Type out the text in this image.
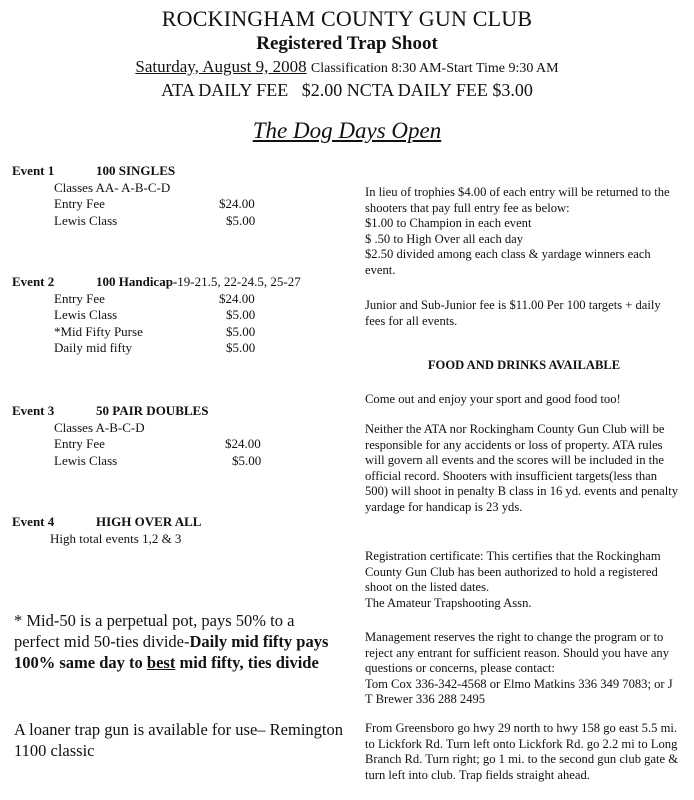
ROCKINGHAM COUNTY GUN CLUB
Registered Trap Shoot
Saturday, August 9, 2008 Classification 8:30 AM-Start Time 9:30 AM
ATA DAILY FEE   $2.00 NCTA DAILY FEE $3.00
The Dog Days Open
Event 1	100 SINGLES
Classes AA- A-B-C-D
Entry Fee	$24.00
Lewis Class	$5.00
Event 2	100 Handicap-19-21.5, 22-24.5, 25-27
Entry Fee	$24.00
Lewis Class	$5.00
*Mid Fifty Purse	$5.00
Daily mid fifty	$5.00
Event 3	50 PAIR DOUBLES
Classes A-B-C-D
Entry Fee	$24.00
Lewis Class	$5.00
Event 4	HIGH OVER ALL
High total events 1,2 & 3
* Mid-50 is a perpetual pot, pays 50% to a perfect mid 50-ties divide-Daily mid fifty pays 100% same day to best mid fifty, ties divide
A loaner trap gun is available for use– Remington 1100 classic
In lieu of trophies $4.00 of each entry will be returned to the shooters that pay full entry fee as below:
$1.00 to Champion in each event
$ .50 to High Over all each day
$2.50 divided among each class & yardage winners each event.
Junior and Sub-Junior fee is $11.00 Per 100 targets + daily fees for all events.
FOOD AND DRINKS AVAILABLE
Come out and enjoy your sport and good food too!
Neither the ATA nor Rockingham County Gun Club will be responsible for any accidents or loss of property. ATA rules will govern all events and the scores will be included in the official record. Shooters with insufficient targets(less than 500) will shoot in penalty B class in 16 yd. events and penalty yardage for handicap is 23 yds.
Registration certificate: This certifies that the Rockingham County Gun Club has been authorized to hold a registered shoot on the listed dates.
The Amateur Trapshooting Assn.
Management reserves the right to change the program or to reject any entrant for sufficient reason. Should you have any questions or concerns, please contact:
Tom Cox 336-342-4568 or Elmo Matkins 336 349 7083; or J T Brewer 336 288 2495
From Greensboro go hwy 29 north to hwy 158 go east 5.5 mi. to Lickfork Rd. Turn left onto Lickfork Rd. go 2.2 mi to Long Branch Rd. Turn right; go 1 mi. to the second gun club gate & turn left into club. Trap fields straight ahead.
